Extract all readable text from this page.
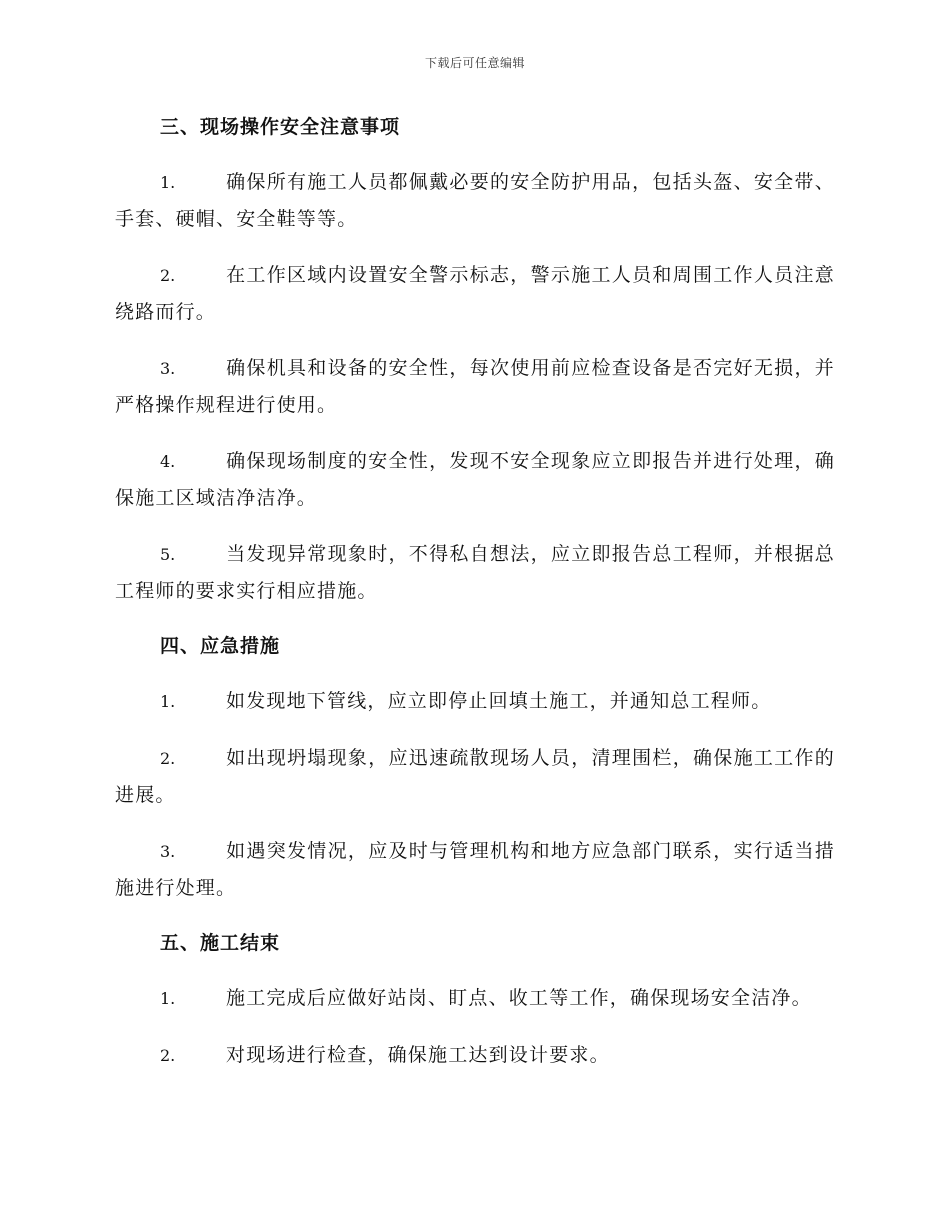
下载后可任意编辑
三、现场操作安全注意事项

1.	确保所有施工人员都佩戴必要的安全防护用品，包括头盔、安全带、手套、硬帽、安全鞋等等。

2.	在工作区域内设置安全警示标志，警示施工人员和周围工作人员注意绕路而行。

3.	确保机具和设备的安全性，每次使用前应检查设备是否完好无损，并严格操作规程进行使用。

4.	确保现场制度的安全性，发现不安全现象应立即报告并进行处理，确保施工区域洁净洁净。

5.	当发现异常现象时，不得私自想法，应立即报告总工程师，并根据总工程师的要求实行相应措施。

四、应急措施

1.	如发现地下管线，应立即停止回填土施工，并通知总工程师。

2.	如出现坍塌现象，应迅速疏散现场人员，清理围栏，确保施工工作的进展。

3.	如遇突发情况，应及时与管理机构和地方应急部门联系，实行适当措施进行处理。

五、施工结束

1.	施工完成后应做好站岗、盯点、收工等工作，确保现场安全洁净。

2.	对现场进行检查，确保施工达到设计要求。
